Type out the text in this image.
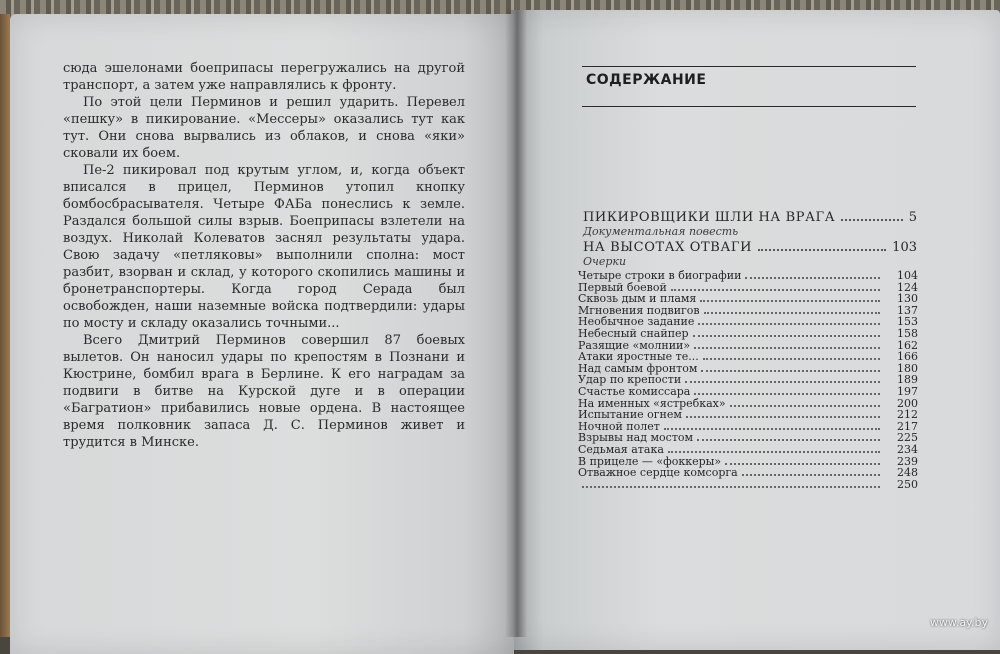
сюда эшелонами боеприпасы перегружались на другой транспорт, а затем уже направлялись к фронту.

По этой цели Перминов и решил ударить. Перевел «пешку» в пикирование. «Мессеры» оказались тут как тут. Они снова вырвались из облаков, и снова «яки» сковали их боем.

Пе-2 пикировал под крутым углом, и, когда объект вписался в прицел, Перминов утопил кнопку бомбосбрасывателя. Четыре ФАБа понеслись к земле. Раздался большой силы взрыв. Боеприпасы взлетели на воздух. Николай Колеватов заснял результаты удара. Свою задачу «петляковы» выполнили сполна: мост разбит, взорван и склад, у которого скопились машины и бронетранспортеры. Когда город Серада был освобожден, наши наземные войска подтвердили: удары по мосту и складу оказались точными...

Всего Дмитрий Перминов совершил 87 боевых вылетов. Он наносил удары по крепостям в Познани и Кюстрине, бомбил врага в Берлине. К его наградам за подвиги в битве на Курской дуге и в операции «Багратион» прибавились новые ордена. В настоящее время полковник запаса Д. С. Перминов живет и трудится в Минске.

СОДЕРЖАНИЕ
ПИКИРОВЩИКИ ШЛИ НА ВРАГА	5
Документальная повесть
НА ВЫСОТАХ ОТВАГИ	103
Очерки
Четыре строки в биографии	104
Первый боевой	124
Сквозь дым и пламя	130
Мгновения подвигов	137
Необычное задание	153
Небесный снайпер	158
Разящие «молнии»	162
Атаки яростные те...	166
Над самым фронтом	180
Удар по крепости	189
Счастье комиссара	197
На именных «ястребках»	200
Испытание огнем	212
Ночной полет	217
Взрывы над мостом	225
Седьмая атака	234
В прицеле — «фоккеры»	239
Отважное сердце комсорга	248
250
www.ay.by
